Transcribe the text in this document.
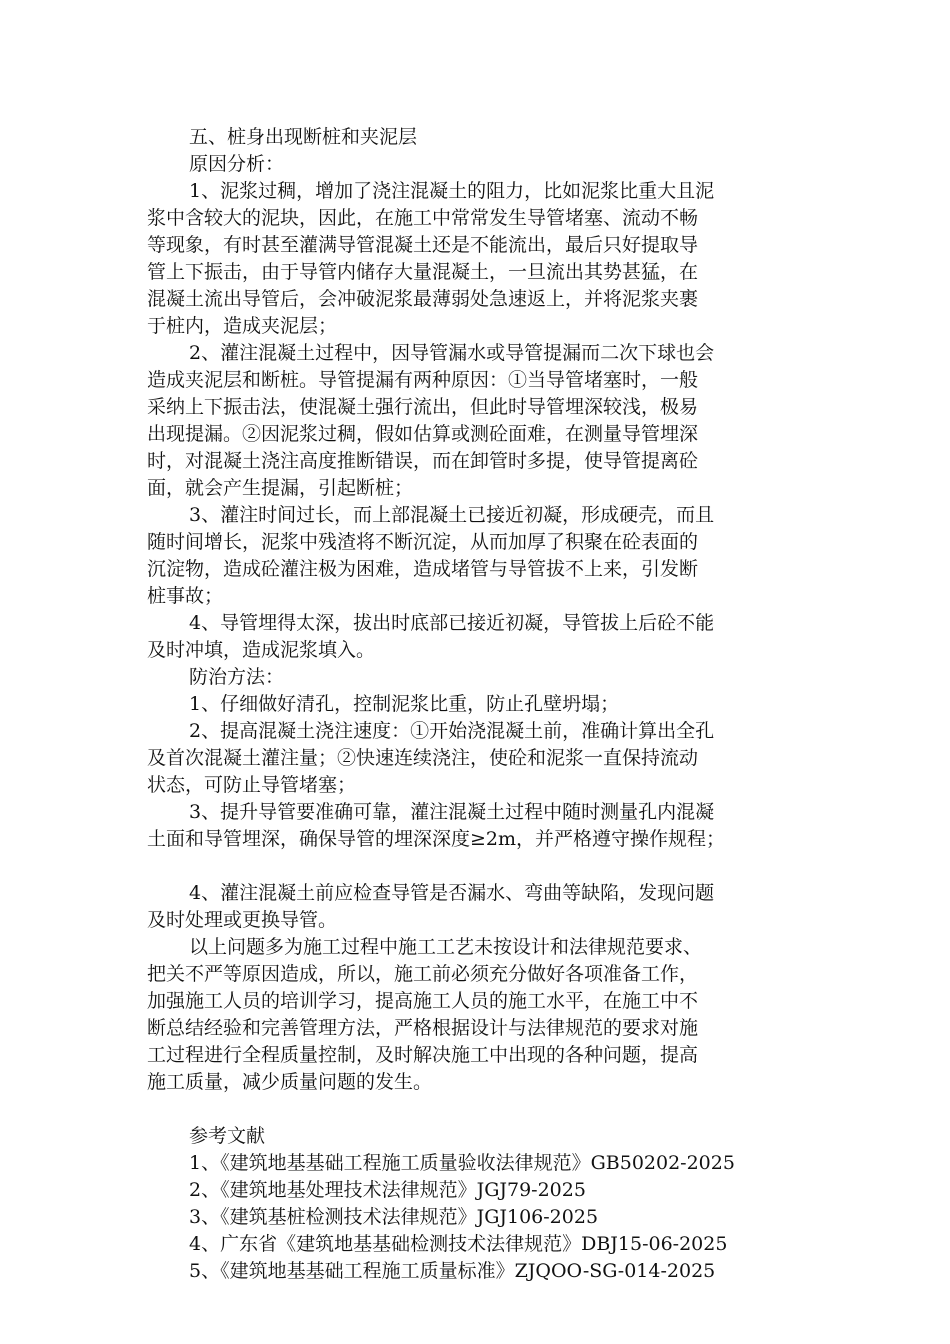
五、桩身出现断桩和夹泥层
原因分析：
1、泥浆过稠，增加了浇注混凝土的阻力，比如泥浆比重大且泥
浆中含较大的泥块，因此，在施工中常常发生导管堵塞、流动不畅
等现象，有时甚至灌满导管混凝土还是不能流出，最后只好提取导
管上下振击，由于导管内储存大量混凝土，一旦流出其势甚猛，在
混凝土流出导管后，会冲破泥浆最薄弱处急速返上，并将泥浆夹裹
于桩内，造成夹泥层；
2、灌注混凝土过程中，因导管漏水或导管提漏而二次下球也会
造成夹泥层和断桩。导管提漏有两种原因：①当导管堵塞时，一般
采纳上下振击法，使混凝土强行流出，但此时导管埋深较浅，极易
出现提漏。②因泥浆过稠，假如估算或测砼面难，在测量导管埋深
时，对混凝土浇注高度推断错误，而在卸管时多提，使导管提离砼
面，就会产生提漏，引起断桩；
3、灌注时间过长，而上部混凝土已接近初凝，形成硬壳，而且
随时间增长，泥浆中残渣将不断沉淀，从而加厚了积聚在砼表面的
沉淀物，造成砼灌注极为困难，造成堵管与导管拔不上来，引发断
桩事故；
4、导管埋得太深，拔出时底部已接近初凝，导管拔上后砼不能
及时冲填，造成泥浆填入。
防治方法：
1、仔细做好清孔，控制泥浆比重，防止孔壁坍塌；
2、提高混凝土浇注速度：①开始浇混凝土前，准确计算出全孔
及首次混凝土灌注量；②快速连续浇注，使砼和泥浆一直保持流动
状态，可防止导管堵塞；
3、提升导管要准确可靠，灌注混凝土过程中随时测量孔内混凝
土面和导管埋深，确保导管的埋深深度≥2m，并严格遵守操作规程；
4、灌注混凝土前应检查导管是否漏水、弯曲等缺陷，发现问题
及时处理或更换导管。
以上问题多为施工过程中施工工艺未按设计和法律规范要求、
把关不严等原因造成，所以，施工前必须充分做好各项准备工作，
加强施工人员的培训学习，提高施工人员的施工水平，在施工中不
断总结经验和完善管理方法，严格根据设计与法律规范的要求对施
工过程进行全程质量控制，及时解决施工中出现的各种问题，提高
施工质量，减少质量问题的发生。
参考文献
1、《建筑地基基础工程施工质量验收法律规范》GB50202-2025
2、《建筑地基处理技术法律规范》JGJ79-2025
3、《建筑基桩检测技术法律规范》JGJ106-2025
4、广东省《建筑地基基础检测技术法律规范》DBJ15-06-2025
5、《建筑地基基础工程施工质量标准》ZJQOO-SG-014-2025
